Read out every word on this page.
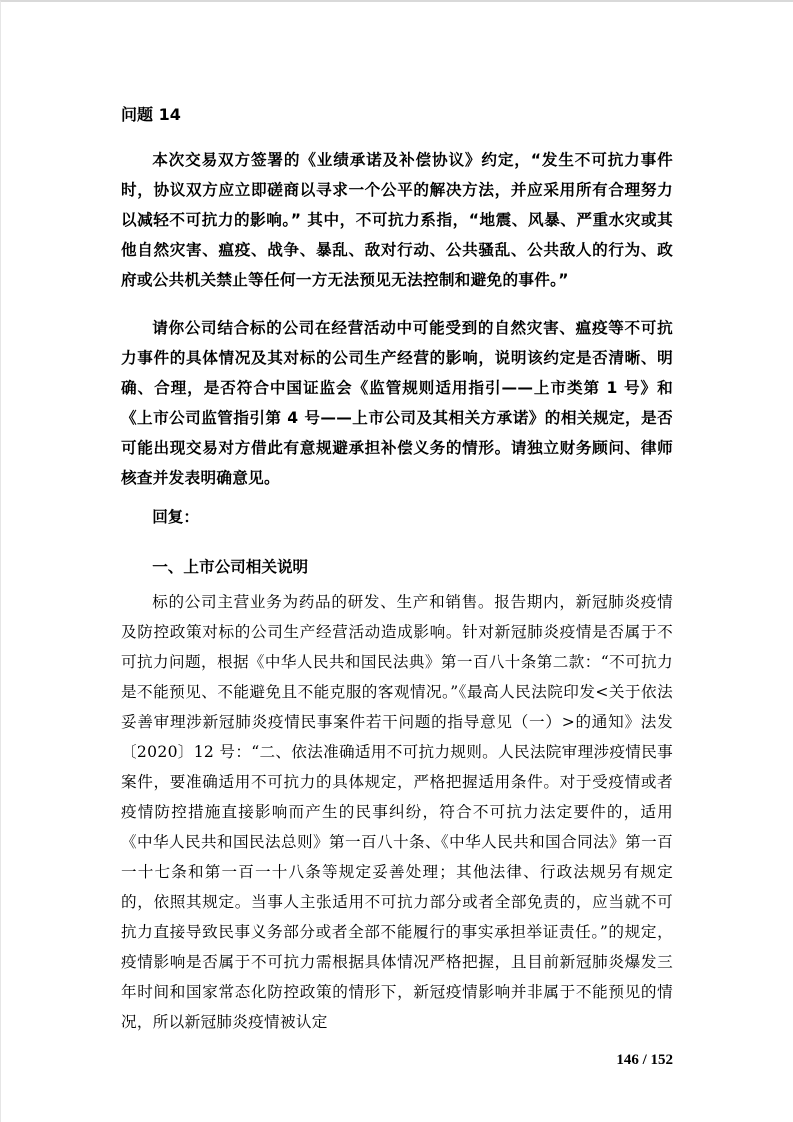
问题 14

本次交易双方签署的《业绩承诺及补偿协议》约定，“发生不可抗力事件时，协议双方应立即磋商以寻求一个公平的解决方法，并应采用所有合理努力以减轻不可抗力的影响。” 其中，不可抗力系指，“地震、风暴、严重水灾或其他自然灾害、瘟疫、战争、暴乱、敌对行动、公共骚乱、公共敌人的行为、政府或公共机关禁止等任何一方无法预见无法控制和避免的事件。”

请你公司结合标的公司在经营活动中可能受到的自然灾害、瘟疫等不可抗力事件的具体情况及其对标的公司生产经营的影响，说明该约定是否清晰、明确、合理，是否符合中国证监会《监管规则适用指引——上市类第 1 号》和《上市公司监管指引第 4 号——上市公司及其相关方承诺》的相关规定，是否可能出现交易对方借此有意规避承担补偿义务的情形。请独立财务顾问、律师核查并发表明确意见。

回复：

一、上市公司相关说明

标的公司主营业务为药品的研发、生产和销售。报告期内，新冠肺炎疫情及防控政策对标的公司生产经营活动造成影响。针对新冠肺炎疫情是否属于不可抗力问题，根据《中华人民共和国民法典》第一百八十条第二款：“不可抗力是不能预见、不能避免且不能克服的客观情况。”《最高人民法院印发<关于依法妥善审理涉新冠肺炎疫情民事案件若干问题的指导意见（一）>的通知》法发〔2020〕12 号：“二、依法准确适用不可抗力规则。人民法院审理涉疫情民事案件，要准确适用不可抗力的具体规定，严格把握适用条件。对于受疫情或者疫情防控措施直接影响而产生的民事纠纷，符合不可抗力法定要件的，适用《中华人民共和国民法总则》第一百八十条、《中华人民共和国合同法》第一百一十七条和第一百一十八条等规定妥善处理；其他法律、行政法规另有规定的，依照其规定。当事人主张适用不可抗力部分或者全部免责的，应当就不可抗力直接导致民事义务部分或者全部不能履行的事实承担举证责任。”的规定，疫情影响是否属于不可抗力需根据具体情况严格把握，且目前新冠肺炎爆发三年时间和国家常态化防控政策的情形下，新冠疫情影响并非属于不能预见的情况，所以新冠肺炎疫情被认定

146 / 152
